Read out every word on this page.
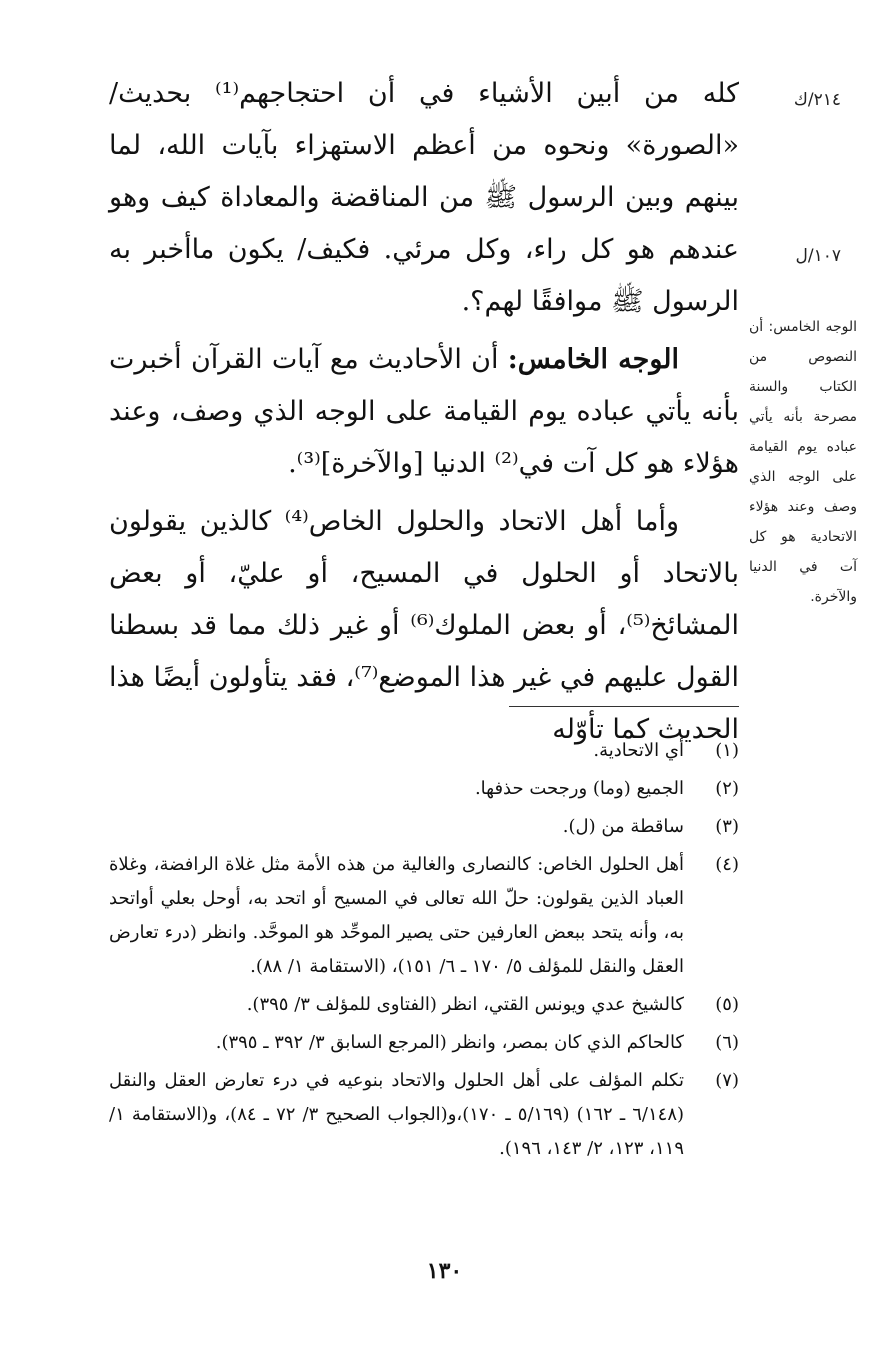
٢١٤/ك
١٠٧/ل
الوجه الخامس: أن النصوص من الكتاب والسنة مصرحة بأنه يأتي عباده يوم القيامة على الوجه الذي وصف وعند هؤلاء الاتحادية هو كل آت في الدنيا والآخرة.

كله من أبين الأشياء في أن احتجاجهم⁽¹⁾ بحديث/ «الصورة» ونحوه من أعظم الاستهزاء بآيات الله، لما بينهم وبين الرسول ﷺ من المناقضة والمعاداة كيف وهو عندهم هو كل راء، وكل مرئي. فكيف/ يكون ماأخبر به الرسول ﷺ موافقًا لهم؟.

الوجه الخامس: أن الأحاديث مع آيات القرآن أخبرت بأنه يأتي عباده يوم القيامة على الوجه الذي وصف، وعند هؤلاء هو كل آت في⁽²⁾ الدنيا [والآخرة]⁽³⁾.

وأما أهل الاتحاد والحلول الخاص⁽⁴⁾ كالذين يقولون بالاتحاد أو الحلول في المسيح، أو عليّ، أو بعض المشائخ⁽⁵⁾، أو بعض الملوك⁽⁶⁾ أو غير ذلك مما قد بسطنا القول عليهم في غير هذا الموضع⁽⁷⁾، فقد يتأولون أيضًا هذا الحديث كما تأوّله

(١)
أي الاتحادية.
(٢)
الجميع (وما) ورجحت حذفها.
(٣)
ساقطة من (ل).
(٤)
أهل الحلول الخاص: كالنصارى والغالية من هذه الأمة مثل غلاة الرافضة، وغلاة العباد الذين يقولون: حلّ الله تعالى في المسيح أو اتحد به، أوحل بعلي أواتحد به، وأنه يتحد ببعض العارفين حتى يصير الموحِّد هو الموحَّد. وانظر (درء تعارض العقل والنقل للمؤلف ٥/ ١٧٠ ـ ٦/ ١٥١)، (الاستقامة ١/ ٨٨).
(٥)
كالشيخ عدي ويونس القتي، انظر (الفتاوى للمؤلف ٣/ ٣٩٥).
(٦)
كالحاكم الذي كان بمصر، وانظر (المرجع السابق ٣/ ٣٩٢ ـ ٣٩٥).
(٧)
تكلم المؤلف على أهل الحلول والاتحاد بنوعيه في درء تعارض العقل والنقل (٦/١٤٨ ـ ١٦٢) (٥/١٦٩ ـ ١٧٠)،و(الجواب الصحيح ٣/ ٧٢ ـ ٨٤)، و(الاستقامة ١/ ١١٩، ١٢٣، ٢/ ١٤٣، ١٩٦).
١٣٠
